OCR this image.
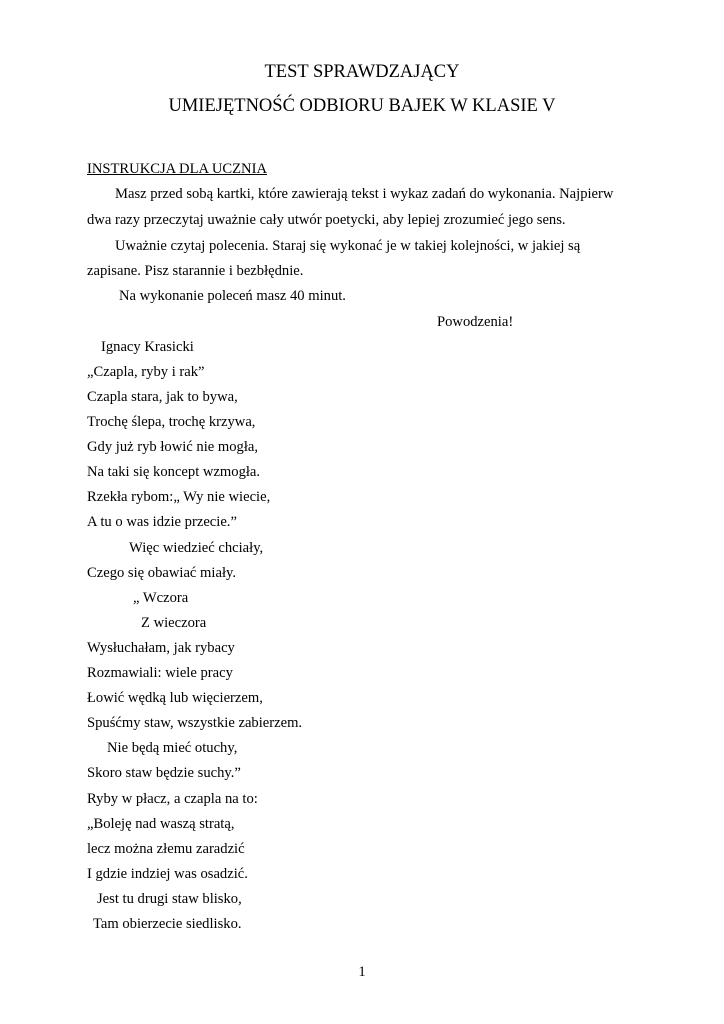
TEST SPRAWDZAJĄCY
UMIEJĘTNOŚĆ ODBIORU BAJEK W KLASIE V
INSTRUKCJA DLA UCZNIA
Masz przed sobą kartki, które zawierają tekst i wykaz zadań do wykonania. Najpierw
dwa razy przeczytaj uważnie cały utwór poetycki, aby lepiej zrozumieć jego sens.
Uważnie czytaj polecenia. Staraj się wykonać je w takiej kolejności, w jakiej są
zapisane. Pisz starannie i bezbłędnie.
Na wykonanie poleceń masz 40 minut.
Powodzenia!
Ignacy Krasicki
„Czapla, ryby i rak”
Czapla stara, jak to bywa,
Trochę ślepa, trochę krzywa,
Gdy już ryb łowić nie mogła,
Na taki się koncept wzmogła.
Rzekła rybom:„ Wy nie wiecie,
A tu o was idzie przecie.”
Więc wiedzieć chciały,
Czego się obawiać miały.
„ Wczora
Z wieczora
Wysłuchałam, jak rybacy
Rozmawiali: wiele pracy
Łowić wędką lub więcierzem,
Spuśćmy staw, wszystkie zabierzem.
Nie będą mieć otuchy,
Skoro staw będzie suchy.”
Ryby w płacz, a czapla na to:
„Boleję nad waszą stratą,
lecz można złemu zaradzić
I gdzie indziej was osadzić.
Jest tu drugi staw blisko,
Tam obierzecie siedlisko.
1
